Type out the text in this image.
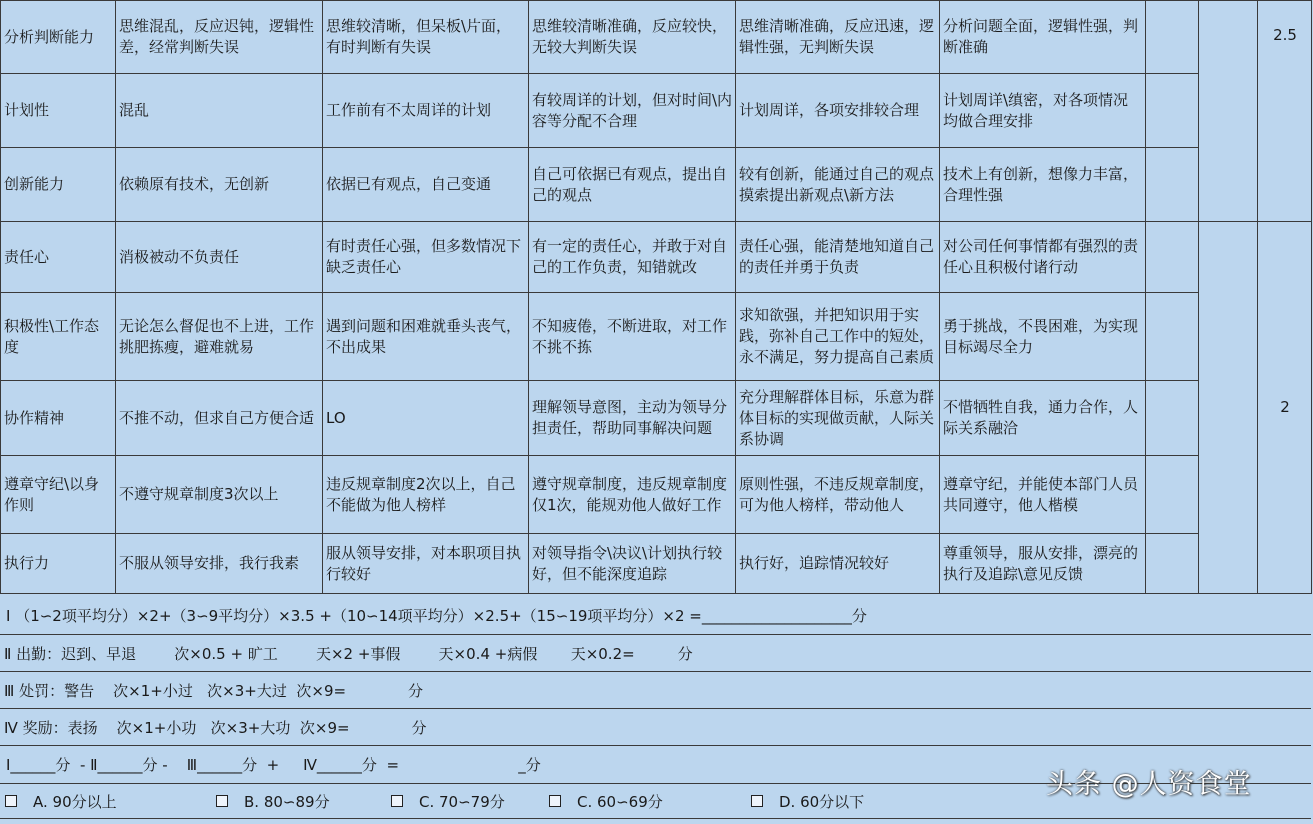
分析判断能力	思维混乱，反应迟钝，逻辑性差，经常判断失误	思维较清晰，但呆板\片面，有时判断有失误	思维较清晰准确，反应较快，无较大判断失误	思维清晰准确，反应迅速，逻辑性强，无判断失误	分析问题全面，逻辑性强，判断准确			2.5
计划性	混乱	工作前有不太周详的计划	有较周详的计划，但对时间\内容等分配不合理	计划周详，各项安排较合理	计划周详\缜密，对各项情况均做合理安排			
创新能力	依赖原有技术，无创新	依据已有观点，自己变通	自己可依据已有观点，提出自己的观点	较有创新，能通过自己的观点摸索提出新观点\新方法	技术上有创新，想像力丰富，合理性强			
责任心	消极被动不负责任	有时责任心强，但多数情况下缺乏责任心	有一定的责任心，并敢于对自己的工作负责，知错就改	责任心强，能清楚地知道自己的责任并勇于负责	对公司任何事情都有强烈的责任心且积极付诸行动			2
积极性\工作态度	无论怎么督促也不上进，工作挑肥拣瘦，避难就易	遇到问题和困难就垂头丧气，不出成果	不知疲倦，不断进取，对工作不挑不拣	求知欲强，并把知识用于实践，弥补自己工作中的短处，永不满足，努力提高自己素质	勇于挑战，不畏困难，为实现目标竭尽全力			
协作精神	不推不动，但求自己方便合适	LO	理解领导意图，主动为领导分担责任，帮助同事解决问题	充分理解群体目标，乐意为群体目标的实现做贡献，人际关系协调	不惜牺牲自我，通力合作，人际关系融洽			
遵章守纪\以身作则	不遵守规章制度3次以上	违反规章制度2次以上，自己不能做为他人榜样	遵守规章制度，违反规章制度仅1次，能规劝他人做好工作	原则性强，不违反规章制度，可为他人榜样，带动他人	遵章守纪，并能使本部门人员共同遵守，他人楷模			
执行力	不服从领导安排，我行我素	服从领导安排，对本职项目执行较好	对领导指令\决议\计划执行较好，但不能深度追踪	执行好，追踪情况较好	尊重领导，服从安排，漂亮的执行及追踪\意见反馈			
Ⅰ （1∽2项平均分）×2+（3∽9平均分）×3.5 +（10∽14项平均分）×2.5+（15∽19项平均分）×2 =____________________分
Ⅱ 出勤：迟到、早退        次×0.5 + 旷工        天×2 +事假        天×0.4 +病假       天×0.2=         分
Ⅲ 处罚：警告    次×1+小过   次×3+大过  次×9=             分
Ⅳ 奖励：表扬    次×1+小功   次×3+大功  次×9=             分
Ⅰ______分  - Ⅱ______分 -    Ⅲ______分  +     Ⅳ______分  =                         _分
A. 90分以上	B. 80∽89分	C. 70∽79分	C. 60∽69分	D. 60分以下
头条 @人资食堂
